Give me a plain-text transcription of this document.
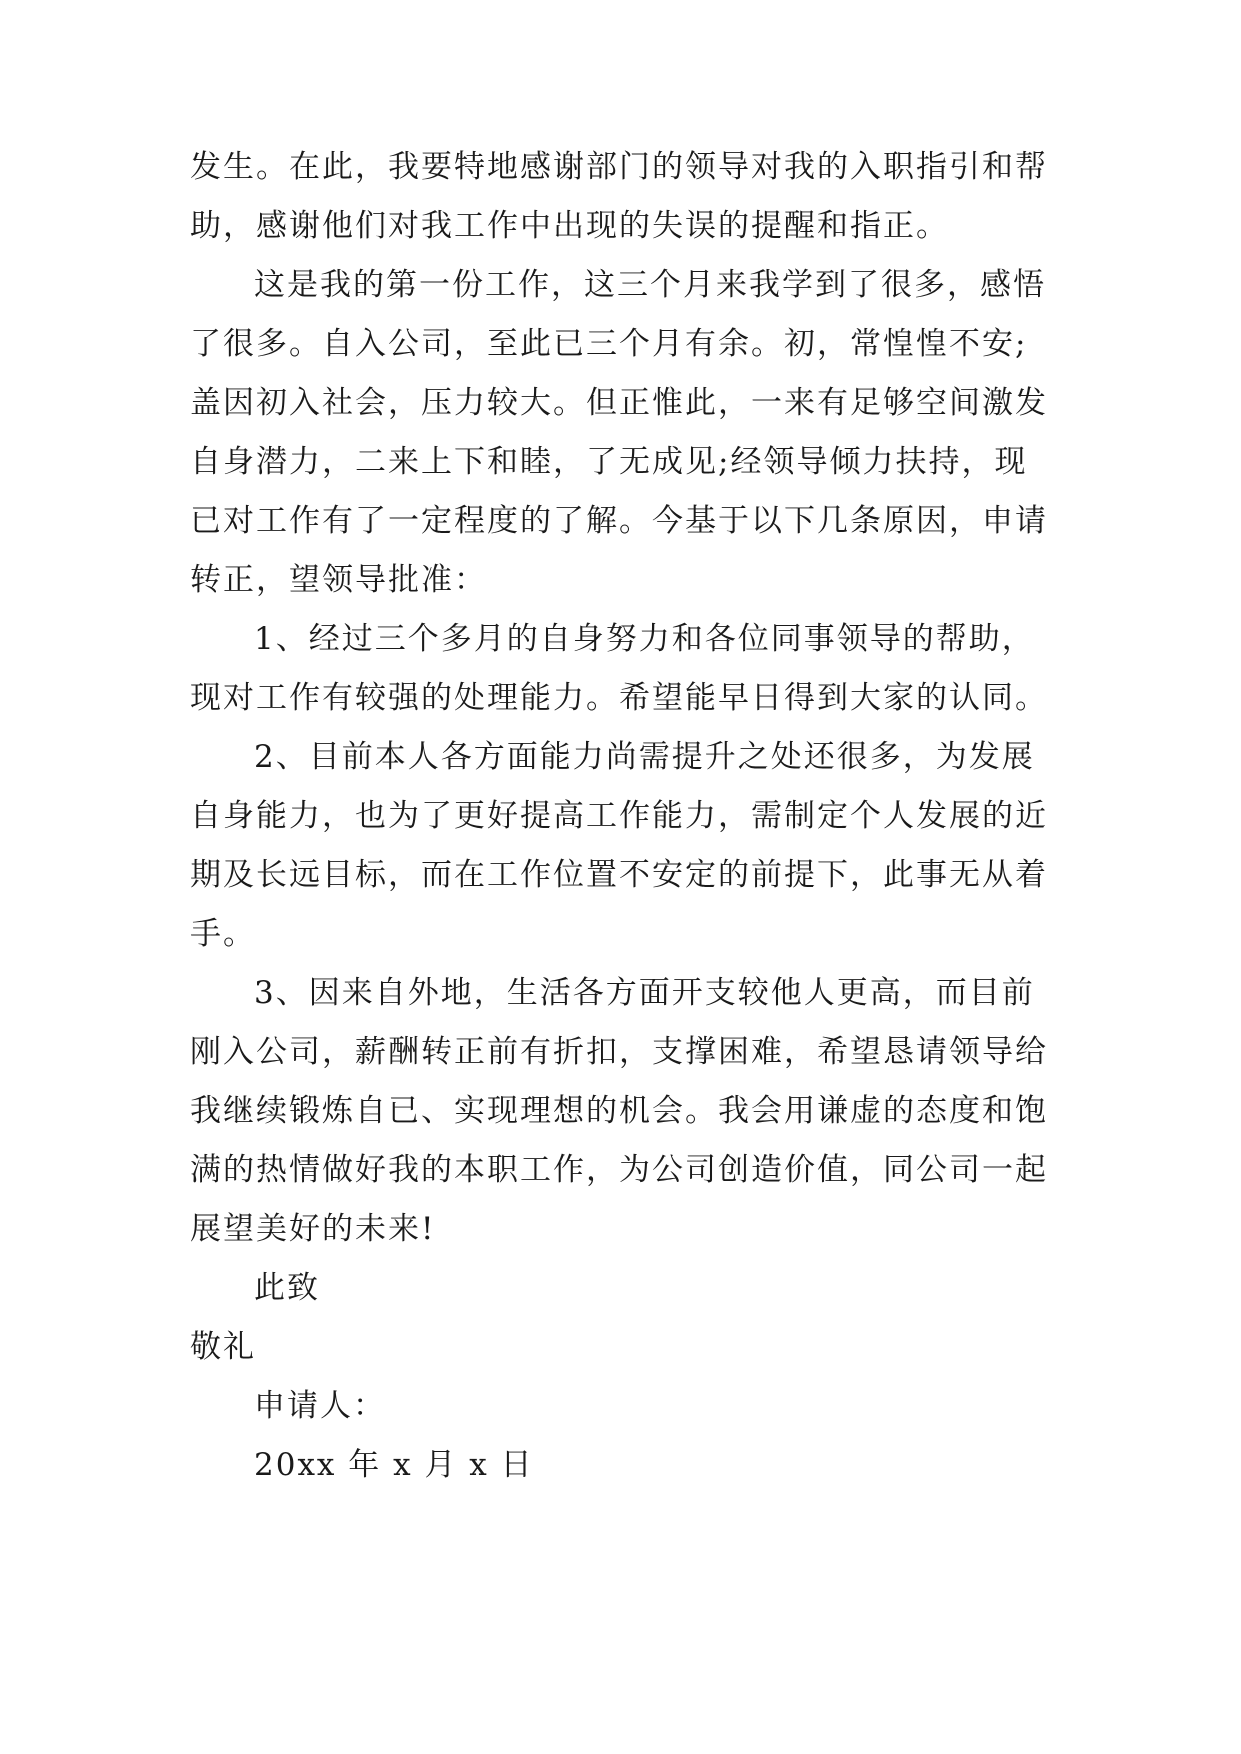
发生。在此，我要特地感谢部门的领导对我的入职指引和帮
助，感谢他们对我工作中出现的失误的提醒和指正。
这是我的第一份工作，这三个月来我学到了很多，感悟
了很多。自入公司，至此已三个月有余。初，常惶惶不安;
盖因初入社会，压力较大。但正惟此，一来有足够空间激发
自身潜力，二来上下和睦，了无成见;经领导倾力扶持，现
已对工作有了一定程度的了解。今基于以下几条原因，申请
转正，望领导批准：
1、经过三个多月的自身努力和各位同事领导的帮助，
现对工作有较强的处理能力。希望能早日得到大家的认同。
2、目前本人各方面能力尚需提升之处还很多，为发展
自身能力，也为了更好提高工作能力，需制定个人发展的近
期及长远目标，而在工作位置不安定的前提下，此事无从着
手。
3、因来自外地，生活各方面开支较他人更高，而目前
刚入公司，薪酬转正前有折扣，支撑困难，希望恳请领导给
我继续锻炼自已、实现理想的机会。我会用谦虚的态度和饱
满的热情做好我的本职工作，为公司创造价值，同公司一起
展望美好的未来!
此致
敬礼
申请人：
20xx 年 x 月 x 日
